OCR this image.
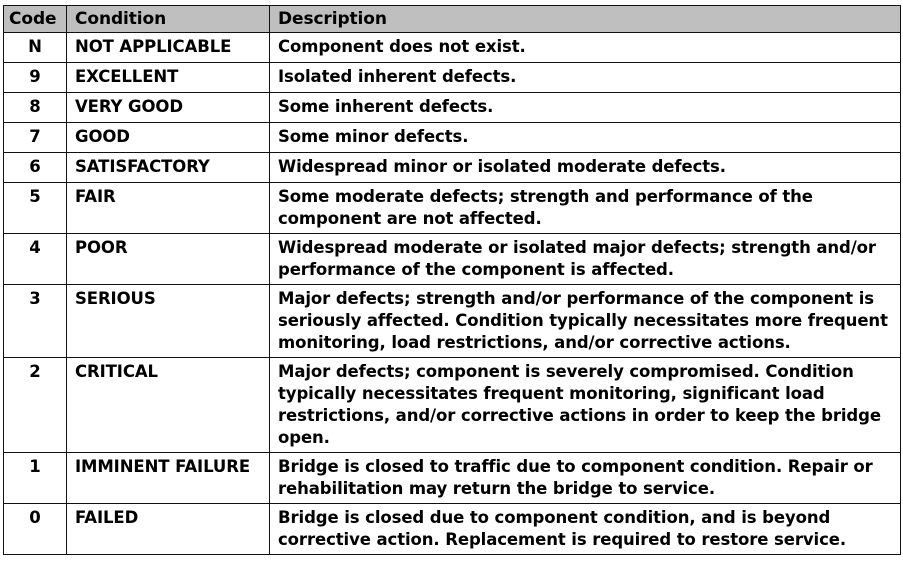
Code	Condition	Description
N	NOT APPLICABLE	Component does not exist.
9	EXCELLENT	Isolated inherent defects.
8	VERY GOOD	Some inherent defects.
7	GOOD	Some minor defects.
6	SATISFACTORY	Widespread minor or isolated moderate defects.
5	FAIR	Some moderate defects; strength and performance of the component are not affected.
4	POOR	Widespread moderate or isolated major defects; strength and/or performance of the component is affected.
3	SERIOUS	Major defects; strength and/or performance of the component is seriously affected. Condition typically necessitates more frequent monitoring, load restrictions, and/or corrective actions.
2	CRITICAL	Major defects; component is severely compromised. Condition typically necessitates frequent monitoring, significant load restrictions, and/or corrective actions in order to keep the bridge open.
1	IMMINENT FAILURE	Bridge is closed to traffic due to component condition. Repair or rehabilitation may return the bridge to service.
0	FAILED	Bridge is closed due to component condition, and is beyond corrective action. Replacement is required to restore service.
